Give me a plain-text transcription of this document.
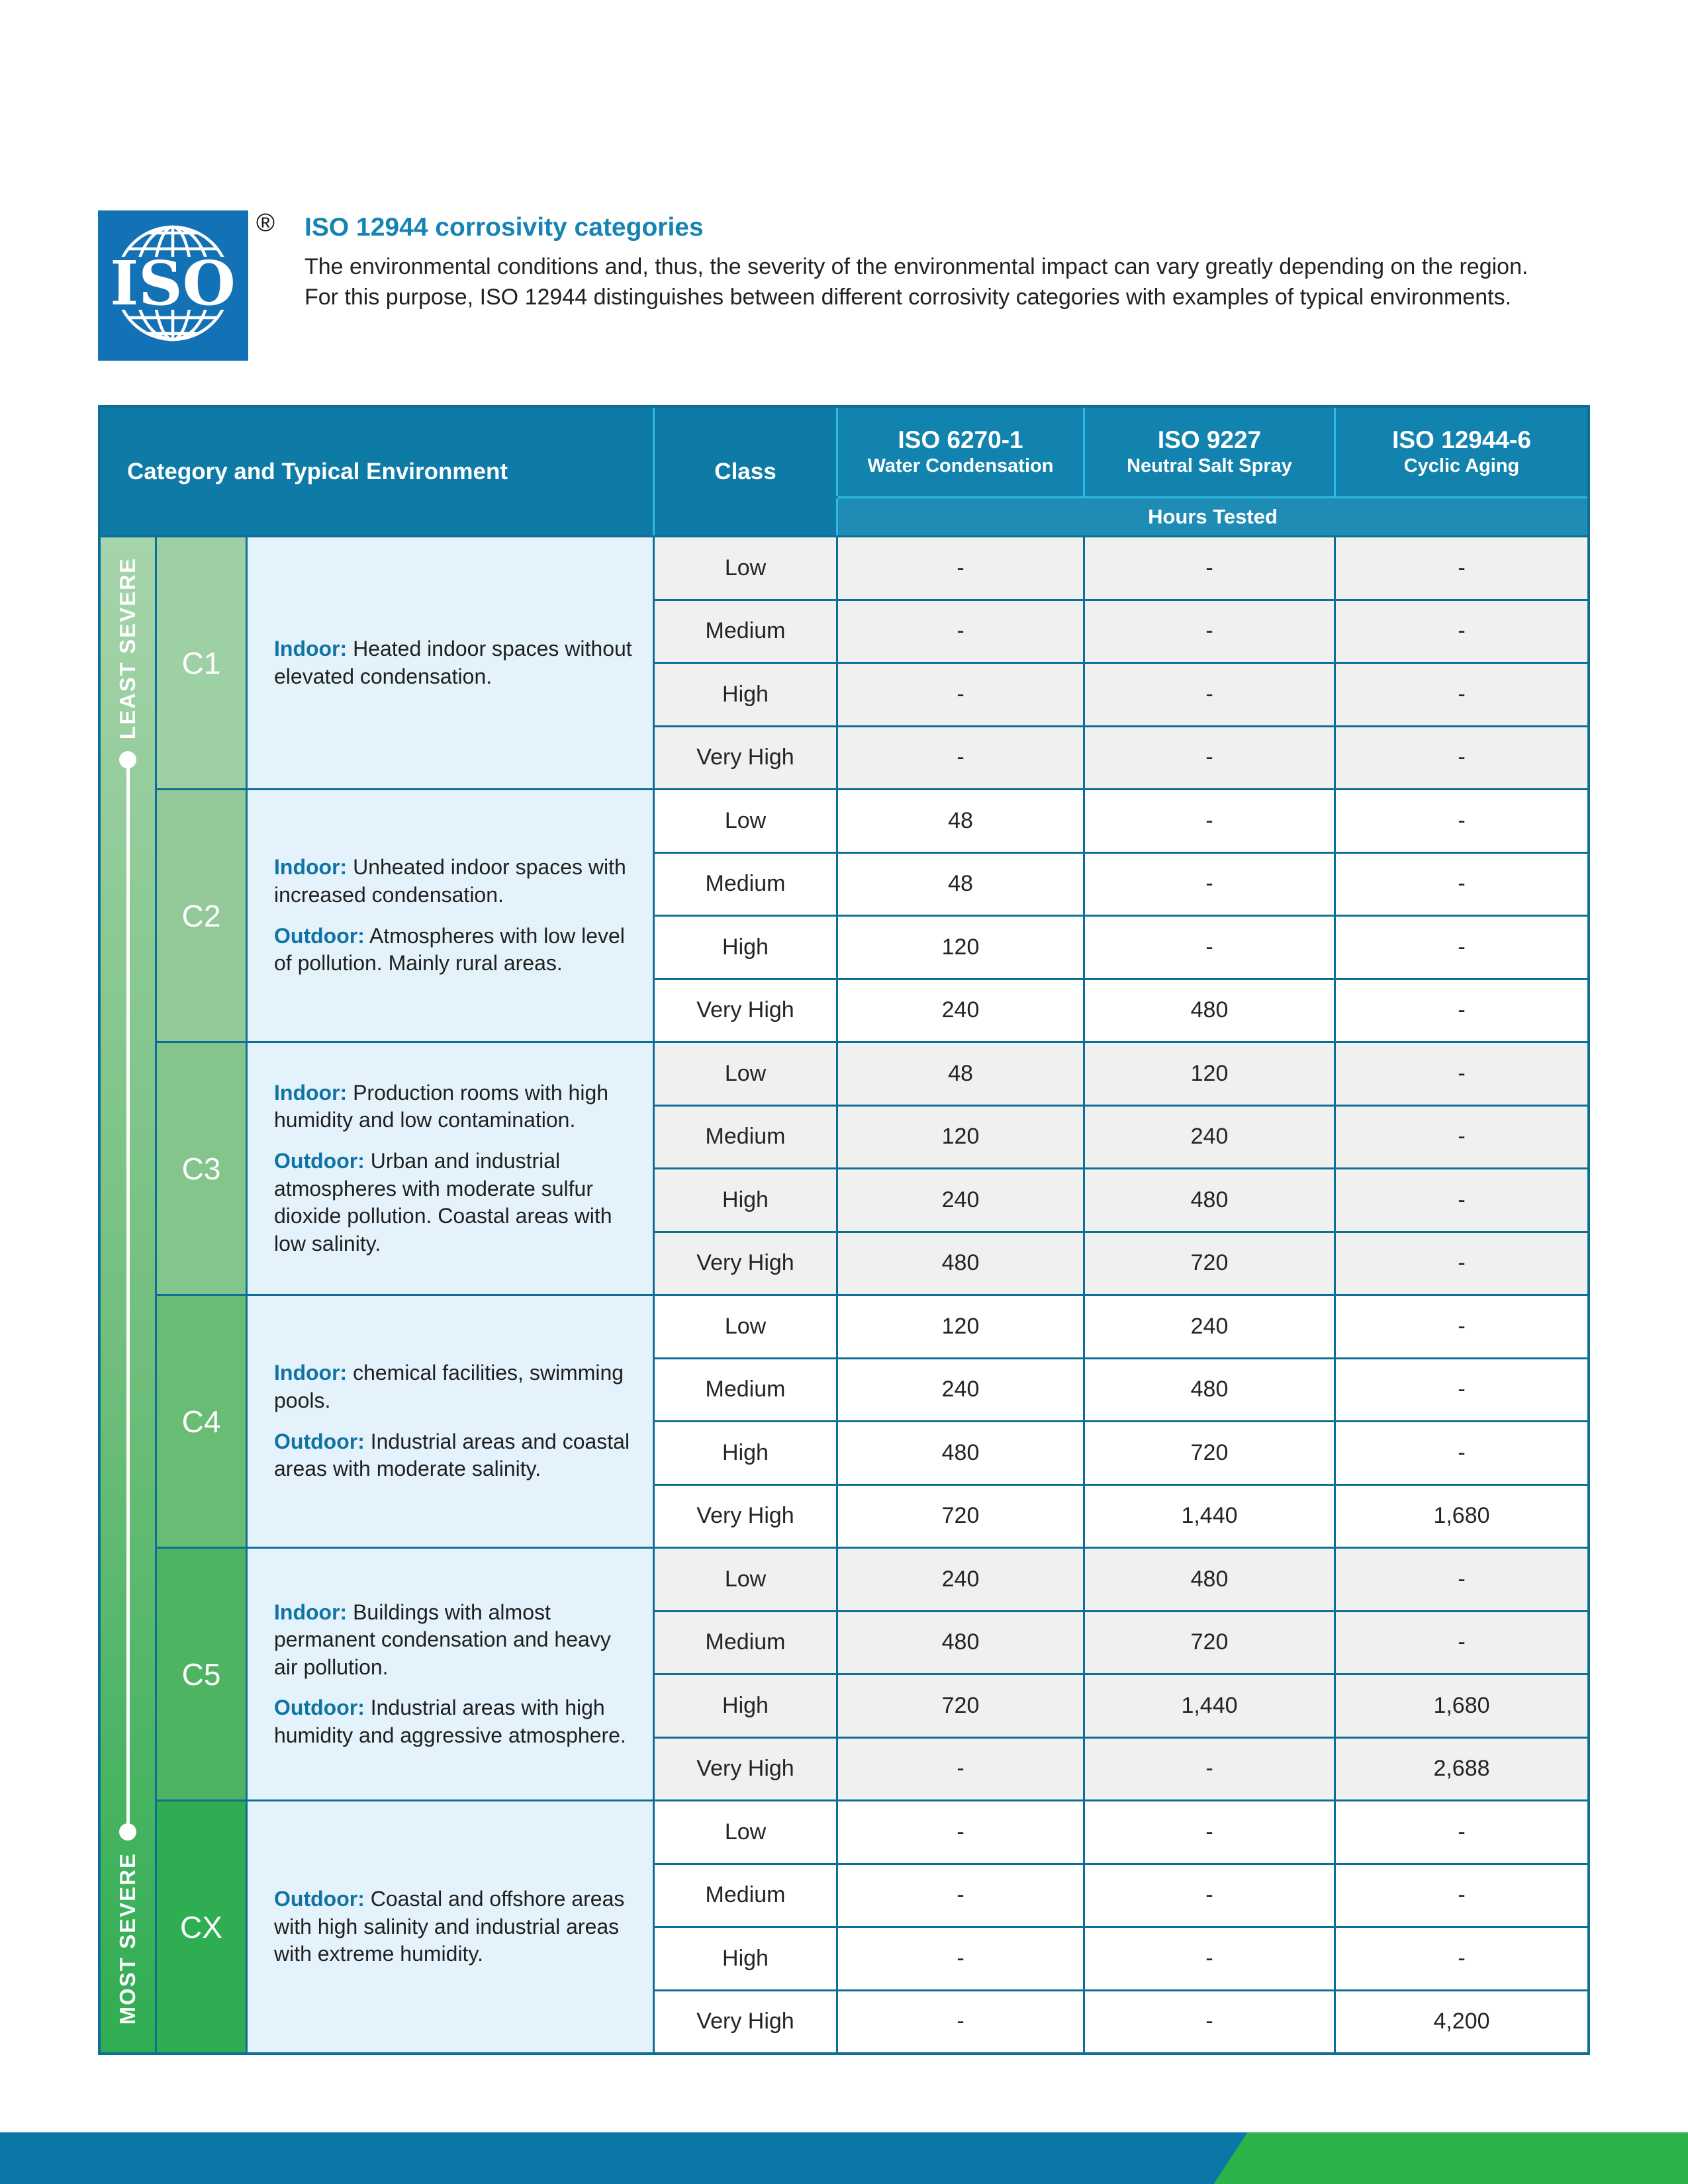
ISO
® ISO 12944 corrosivity categories
The environmental conditions and, thus, the severity of the environmental impact can vary greatly depending on the region. For this purpose, ISO 12944 distinguishes between different corrosivity categories with examples of typical environments.
Category and Typical Environment	Class
ISO 6270-1
Water Condensation
ISO 9227
Neutral Salt Spray
ISO 12944-6
Cyclic Aging
Hours Tested
LEAST SEVERE
MOST SEVERE
C1	Indoor: Heated indoor spaces without elevated condensation.
Low	-	-	-
Medium	-	-	-
High	-	-	-
Very High	-	-	-
C2
Indoor: Unheated indoor spaces with increased condensation.
Outdoor: Atmospheres with low level of pollution. Mainly rural areas.
Low	48	-	-
Medium	48	-	-
High	120	-	-
Very High	240	480	-
C3
Indoor: Production rooms with high humidity and low contamination.
Outdoor: Urban and industrial atmospheres with moderate sulfur dioxide pollution. Coastal areas with low salinity.
Low	48	120	-
Medium	120	240	-
High	240	480	-
Very High	480	720	-
C4
Indoor: chemical facilities, swimming pools.
Outdoor: Industrial areas and coastal areas with moderate salinity.
Low	120	240	-
Medium	240	480	-
High	480	720	-
Very High	720	1,440	1,680
C5
Indoor: Buildings with almost permanent condensation and heavy air pollution.
Outdoor: Industrial areas with high humidity and aggressive atmosphere.
Low	240	480	-
Medium	480	720	-
High	720	1,440	1,680
Very High	-	-	2,688
CX
Outdoor: Coastal and offshore areas with high salinity and industrial areas with extreme humidity.
Low	-	-	-
Medium	-	-	-
High	-	-	-
Very High	-	-	4,200
